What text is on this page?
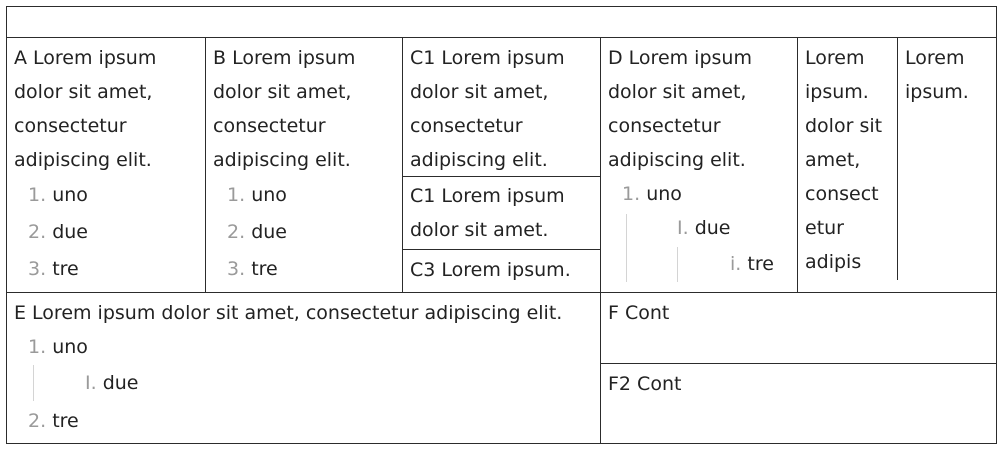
A Lorem ipsum
dolor sit amet,
consectetur
adipiscing elit.
1. uno
2. due
3. tre
B Lorem ipsum
dolor sit amet,
consectetur
adipiscing elit.
1. uno
2. due
3. tre
C1 Lorem ipsum
dolor sit amet,
consectetur
adipiscing elit.
C1 Lorem ipsum
dolor sit amet.
C3 Lorem ipsum.
D Lorem ipsum
dolor sit amet,
consectetur
adipiscing elit.
1. uno
I. due
i. tre
Lorem
ipsum.
dolor sit
amet,
consect
etur
adipis
Lorem
ipsum.
E Lorem ipsum dolor sit amet, consectetur adipiscing elit.
1. uno
I. due
2. tre
F Cont
F2 Cont
